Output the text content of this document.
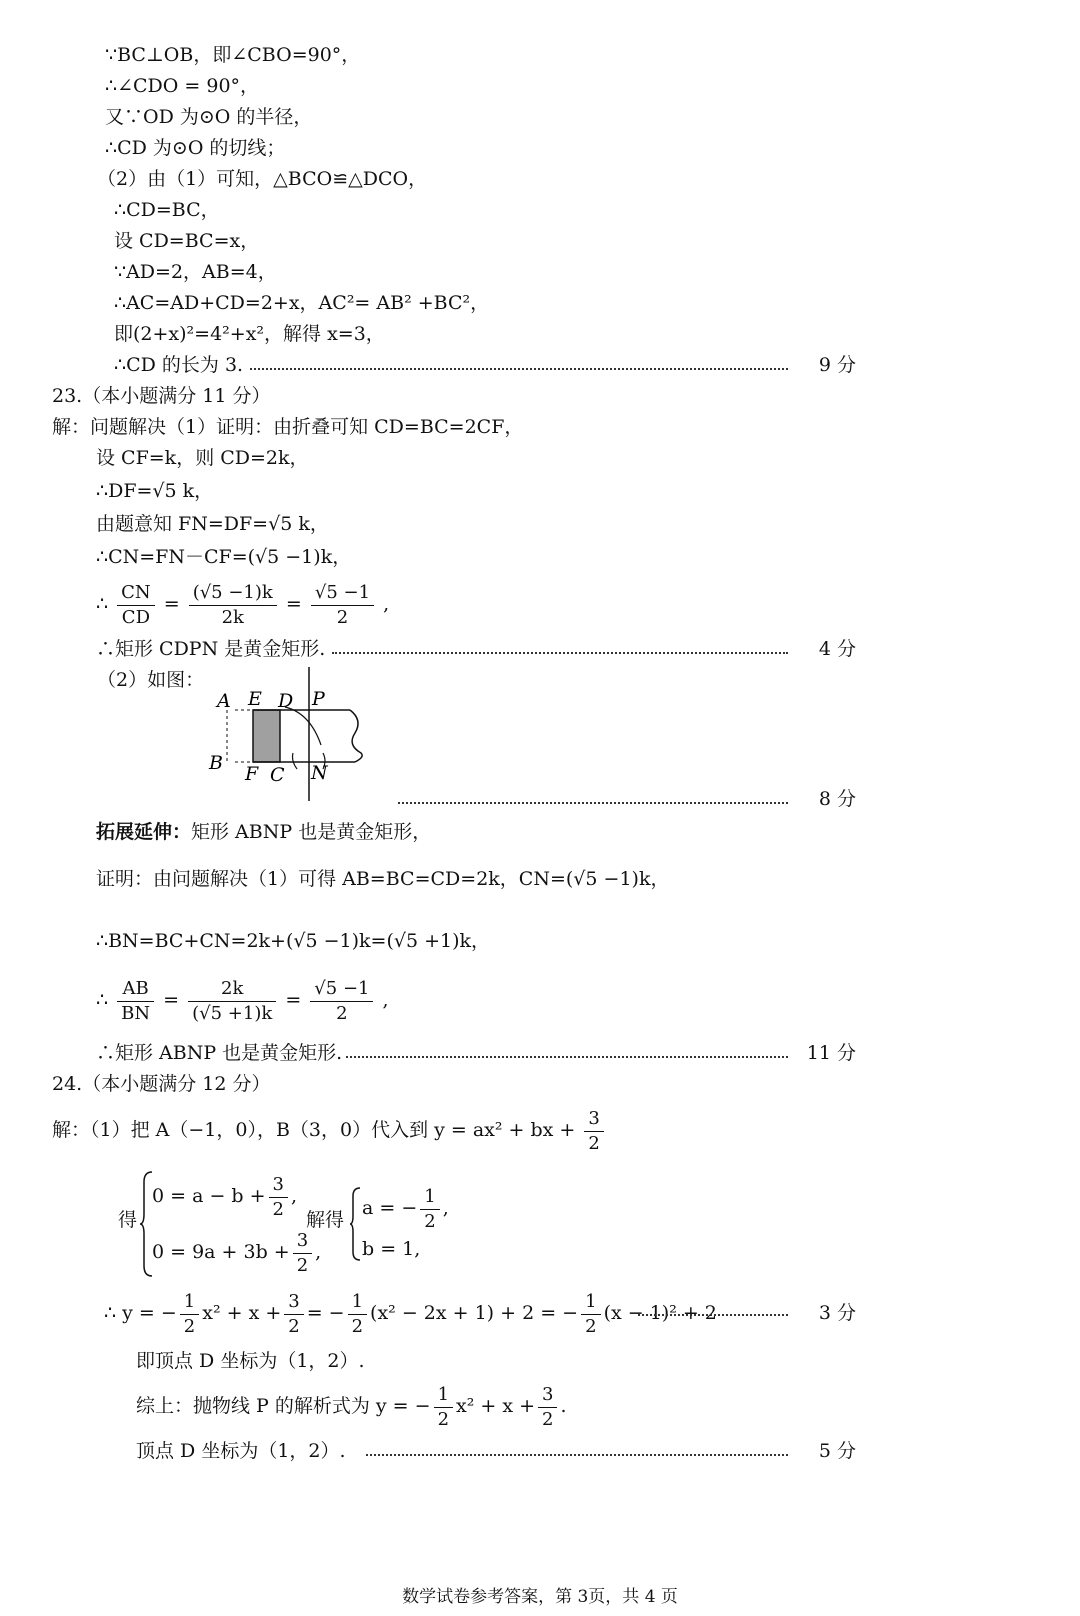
∵BC⊥OB，即∠CBO=90°，
∴∠CDO = 90°，
又∵OD 为⊙O 的半径，
∴CD 为⊙O 的切线；
（2）由（1）可知，△BCO≌△DCO，
∴CD=BC，
设 CD=BC=x，
∵AD=2，AB=4，
∴AC=AD+CD=2+x，AC²= AB² +BC²，
即(2+x)²=4²+x²，解得 x=3，
∴CD 的长为 3.	9 分
23.（本小题满分 11 分）
解：问题解决（1）证明：由折叠可知 CD=BC=2CF，
设 CF=k，则 CD=2k，
∴DF=√5 k，
由题意知 FN=DF=√5 k，
∴CN=FN－CF=(√5 −1)k，
∴ $\frac{CN}{CD} = \frac{(√5 -1)k}{2k} = \frac{√5 -1}{2}$ ,
∴矩形 CDPN 是黄金矩形.	4 分
（2）如图：
A E D P
B F C N
8 分
拓展延伸：矩形 ABNP 也是黄金矩形，
证明：由问题解决（1）可得 AB=BC=CD=2k，CN=(√5 −1)k，
∴BN=BC+CN=2k+(√5 −1)k=(√5 +1)k，
∴ $\frac{AB}{BN} = \frac{2k}{(√5 +1)k} = \frac{√5 -1}{2}$ ,
∴矩形 ABNP 也是黄金矩形.	11 分
24.（本小题满分 12 分）
解：（1）把 A（−1，0），B（3，0）代入到 y = ax² + bx + $\frac{3}{2}$
得
$0 = a - b + \frac{3}{2}$ ,
$0 = 9a + 3b + \frac{3}{2}$ ,
解得
a = − $\frac{1}{2}$ ,
b = 1,
∴ y = − $\frac{1}{2} x^2 + x + \frac{3}{2}$ = − $\frac{1}{2} (x^2 - 2x + 1) + 2$ = − $\frac{1}{2} (x - 1)^2 + 2$	3 分
即顶点 D 坐标为（1，2）.
综上：抛物线 P 的解析式为 y = − $\frac{1}{2} x^2 + x + \frac{3}{2}$ .
顶点 D 坐标为（1，2）.	5 分
数学试卷参考答案，第 3页，共 4 页
